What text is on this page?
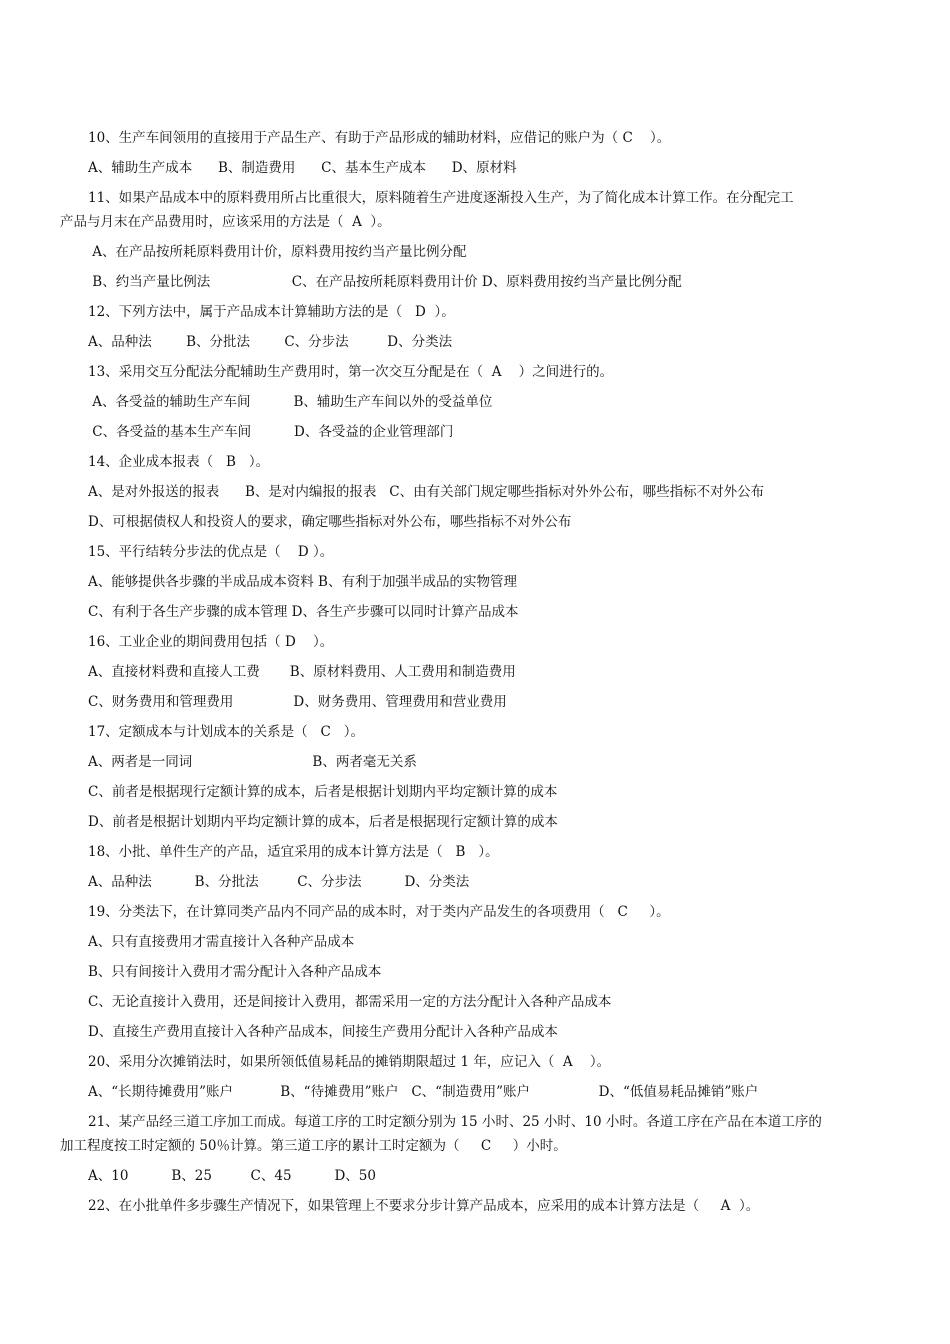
10、生产车间领用的直接用于产品生产、有助于产品形成的辅助材料，应借记的账户为（ C    ）。
A、辅助生产成本      B、制造费用      C、基本生产成本      D、原材料
11、如果产品成本中的原料费用所占比重很大，原料随着生产进度逐渐投入生产，为了简化成本计算工作。在分配完工
产品与月末在产品费用时，应该采用的方法是（  A  ）。
A、在产品按所耗原料费用计价，原料费用按约当产量比例分配
B、约当产量比例法                   C、在产品按所耗原料费用计价 D、原料费用按约当产量比例分配
12、下列方法中，属于产品成本计算辅助方法的是（   D  ）。
A、品种法        B、分批法        C、分步法         D、分类法
13、采用交互分配法分配辅助生产费用时，第一次交互分配是在（  A    ）之间进行的。
A、各受益的辅助生产车间          B、辅助生产车间以外的受益单位
C、各受益的基本生产车间          D、各受益的企业管理部门
14、企业成本报表（   B   ）。
A、是对外报送的报表      B、是对内编报的报表   C、由有关部门规定哪些指标对外外公布，哪些指标不对外公布
D、可根据债权人和投资人的要求，确定哪些指标对外公布，哪些指标不对外公布
15、平行结转分步法的优点是（    D ）。
A、能够提供各步骤的半成品成本资料 B、有利于加强半成品的实物管理
C、有利于各生产步骤的成本管理 D、各生产步骤可以同时计算产品成本
16、工业企业的期间费用包括（ D    ）。
A、直接材料费和直接人工费       B、原材料费用、人工费用和制造费用
C、财务费用和管理费用              D、财务费用、管理费用和营业费用
17、定额成本与计划成本的关系是（   C   ）。
A、两者是一同词                            B、两者毫无关系
C、前者是根据现行定额计算的成本，后者是根据计划期内平均定额计算的成本
D、前者是根据计划期内平均定额计算的成本，后者是根据现行定额计算的成本
18、小批、单件生产的产品，适宜采用的成本计算方法是（   B   ）。
A、品种法          B、分批法         C、分步法          D、分类法
19、分类法下，在计算同类产品内不同产品的成本时，对于类内产品发生的各项费用（   C     ）。
A、只有直接费用才需直接计入各种产品成本
B、只有间接计入费用才需分配计入各种产品成本
C、无论直接计入费用，还是间接计入费用，都需采用一定的方法分配计入各种产品成本
D、直接生产费用直接计入各种产品成本，间接生产费用分配计入各种产品成本
20、采用分次摊销法时，如果所领低值易耗品的摊销期限超过 1 年，应记入（  A    ）。
A、“长期待摊费用”账户           B、“待摊费用”账户   C、“制造费用”账户                D、“低值易耗品摊销”账户
21、某产品经三道工序加工而成。每道工序的工时定额分别为 15 小时、25 小时、10 小时。各道工序在产品在本道工序的
加工程度按工时定额的 50％计算。第三道工序的累计工时定额为（     C     ）小时。
A、10          B、25         C、45          D、50
22、在小批单件多步骤生产情况下，如果管理上不要求分步计算产品成本，应采用的成本计算方法是（     A  ）。
